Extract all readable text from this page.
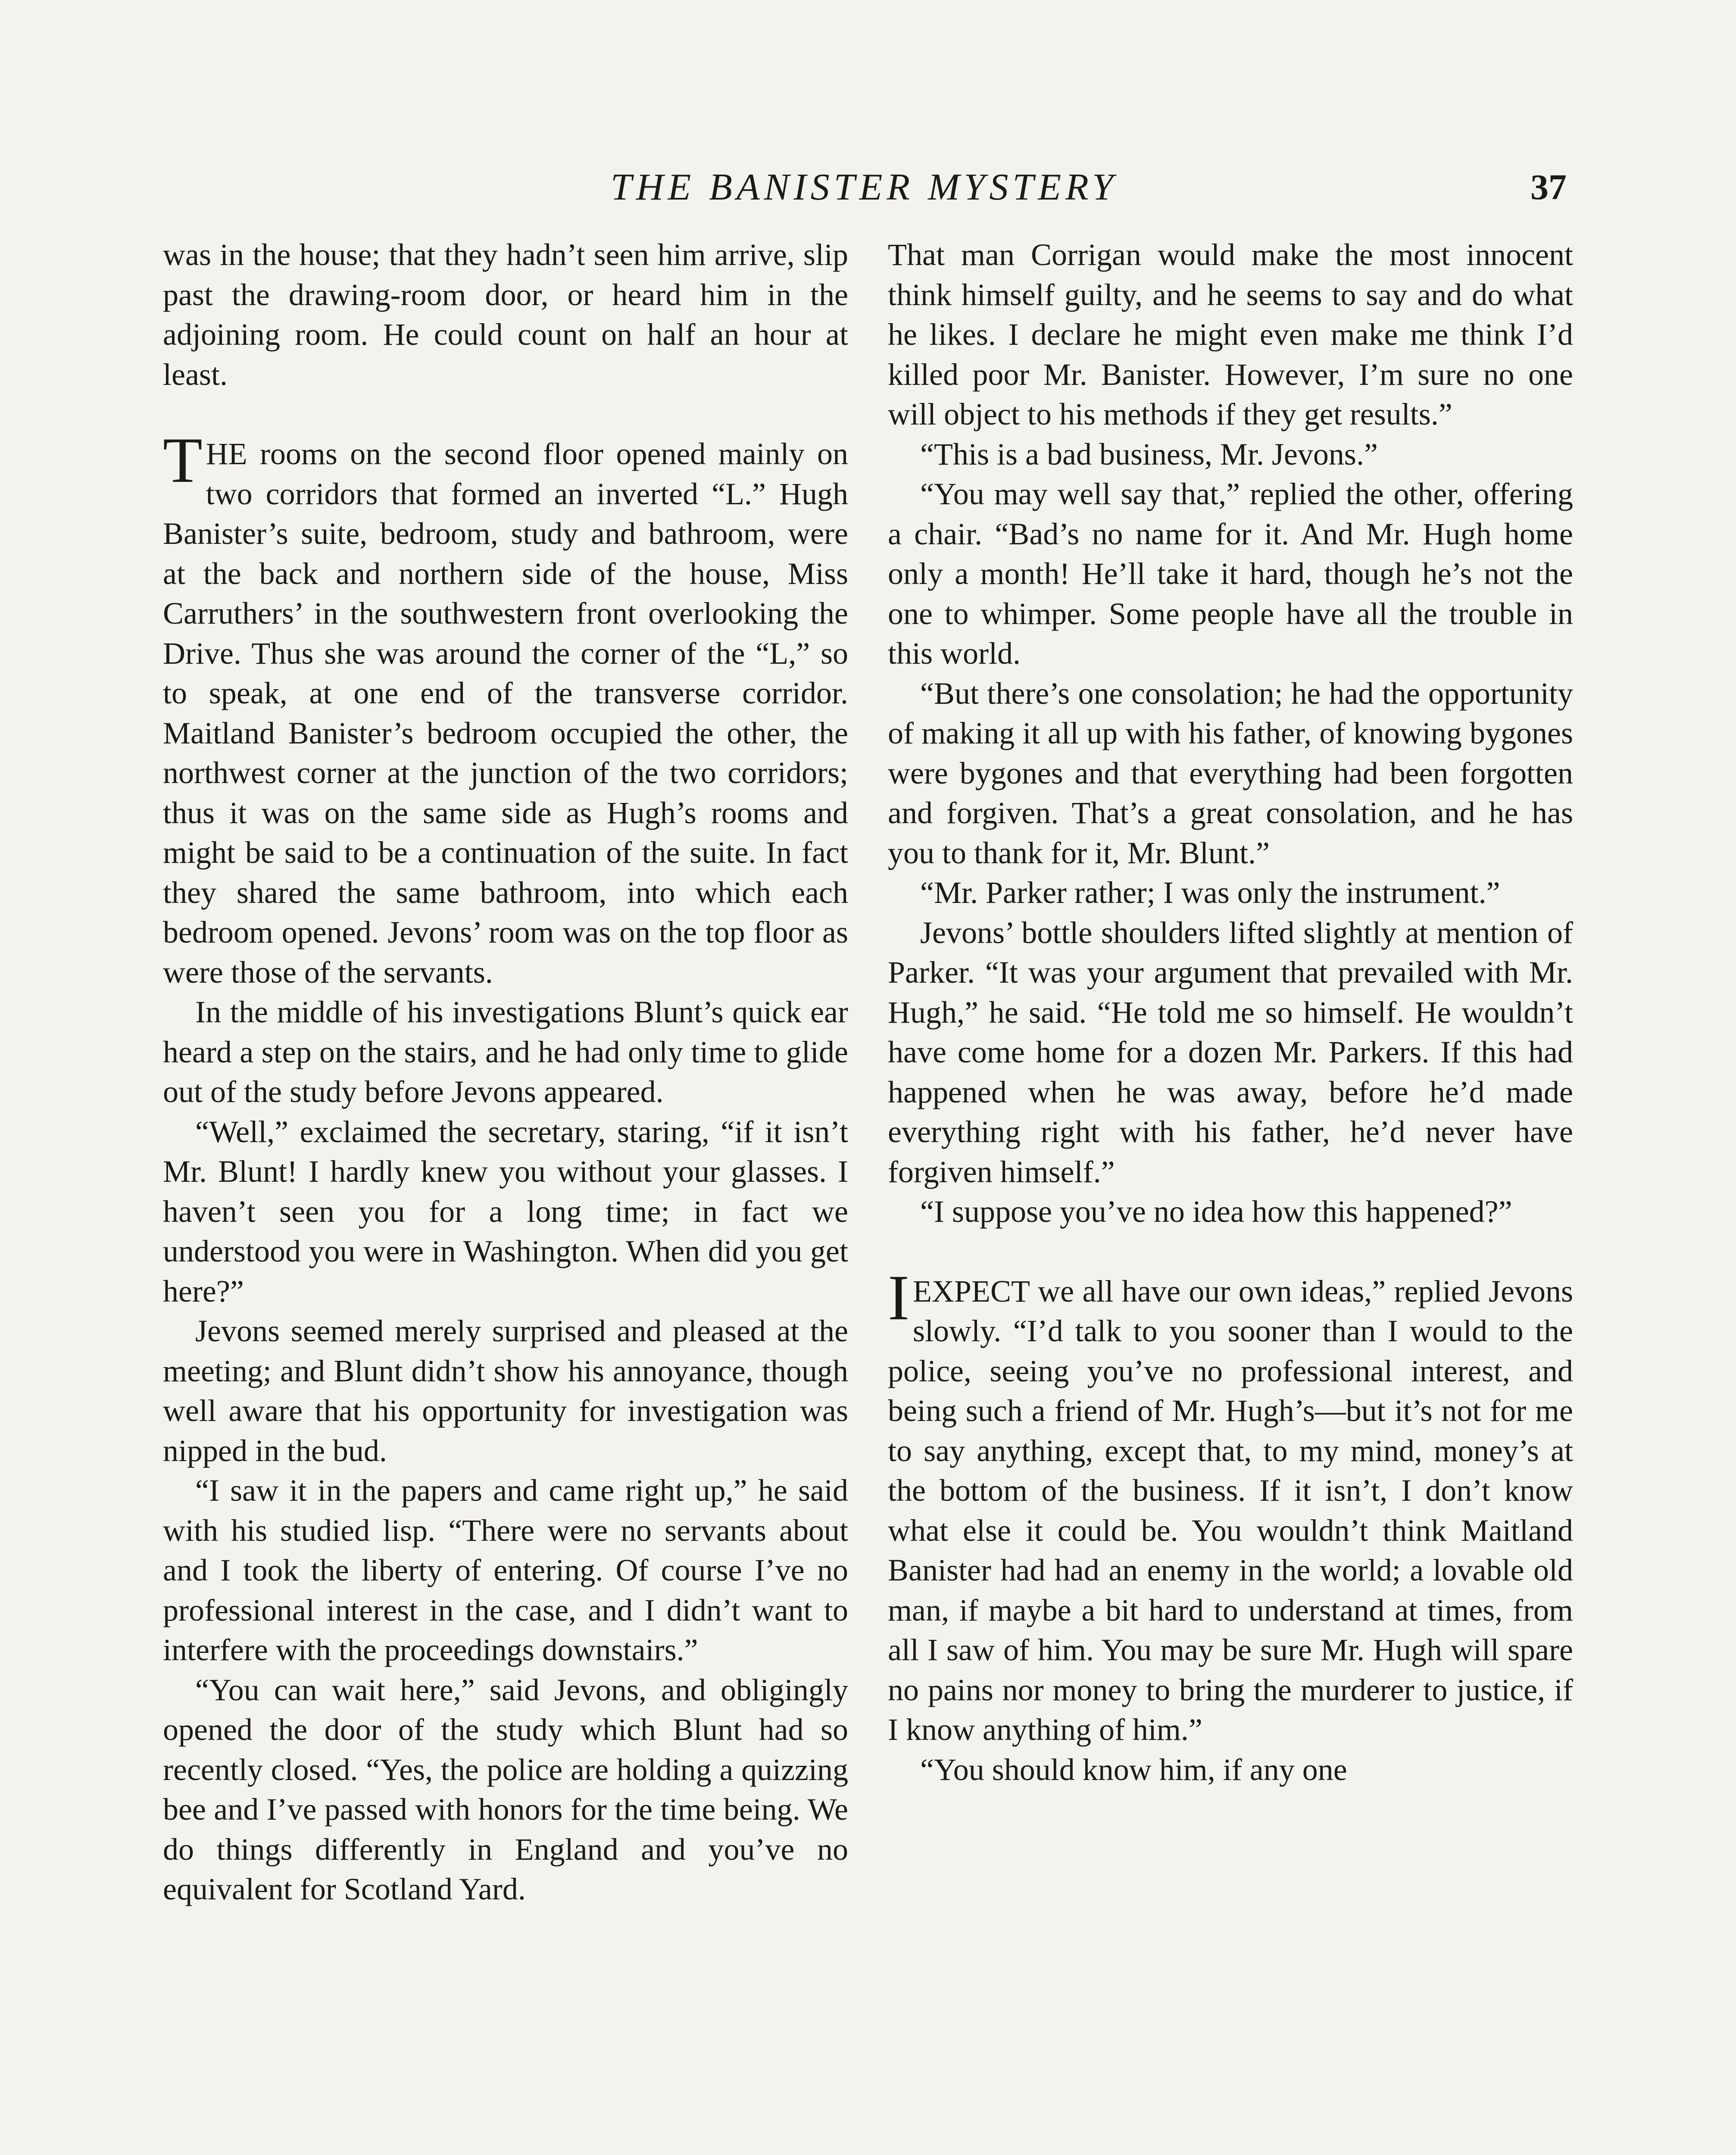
THE BANISTER MYSTERY	37

was in the house; that they hadn’t seen him arrive, slip past the drawing-room door, or heard him in the adjoining room. He could count on half an hour at least.

THE rooms on the second floor opened mainly on two corridors that formed an inverted “L.” Hugh Banister’s suite, bedroom, study and bathroom, were at the back and northern side of the house, Miss Carruthers’ in the southwestern front overlooking the Drive. Thus she was around the corner of the “L,” so to speak, at one end of the transverse corridor. Maitland Banister’s bedroom occupied the other, the northwest corner at the junction of the two corridors; thus it was on the same side as Hugh’s rooms and might be said to be a continuation of the suite. In fact they shared the same bathroom, into which each bedroom opened. Jevons’ room was on the top floor as were those of the servants.

In the middle of his investigations Blunt’s quick ear heard a step on the stairs, and he had only time to glide out of the study before Jevons appeared.

“Well,” exclaimed the secretary, staring, “if it isn’t Mr. Blunt! I hardly knew you without your glasses. I haven’t seen you for a long time; in fact we understood you were in Washington. When did you get here?”

Jevons seemed merely surprised and pleased at the meeting; and Blunt didn’t show his annoyance, though well aware that his opportunity for investigation was nipped in the bud.

“I saw it in the papers and came right up,” he said with his studied lisp. “There were no servants about and I took the liberty of entering. Of course I’ve no professional interest in the case, and I didn’t want to interfere with the proceedings downstairs.”

“You can wait here,” said Jevons, and obligingly opened the door of the study which Blunt had so recently closed. “Yes, the police are holding a quizzing bee and I’ve passed with honors for the time being. We do things differently in England and you’ve no equivalent for Scotland Yard.

That man Corrigan would make the most innocent think himself guilty, and he seems to say and do what he likes. I declare he might even make me think I’d killed poor Mr. Banister. However, I’m sure no one will object to his methods if they get results.”

“This is a bad business, Mr. Jevons.”

“You may well say that,” replied the other, offering a chair. “Bad’s no name for it. And Mr. Hugh home only a month! He’ll take it hard, though he’s not the one to whimper. Some people have all the trouble in this world.

“But there’s one consolation; he had the opportunity of making it all up with his father, of knowing bygones were bygones and that everything had been forgotten and forgiven. That’s a great consolation, and he has you to thank for it, Mr. Blunt.”

“Mr. Parker rather; I was only the instrument.”

Jevons’ bottle shoulders lifted slightly at mention of Parker. “It was your argument that prevailed with Mr. Hugh,” he said. “He told me so himself. He wouldn’t have come home for a dozen Mr. Parkers. If this had happened when he was away, before he’d made everything right with his father, he’d never have forgiven himself.”

“I suppose you’ve no idea how this happened?”

I EXPECT we all have our own ideas,” replied Jevons slowly. “I’d talk to you sooner than I would to the police, seeing you’ve no professional interest, and being such a friend of Mr. Hugh’s—but it’s not for me to say anything, except that, to my mind, money’s at the bottom of the business. If it isn’t, I don’t know what else it could be. You wouldn’t think Maitland Banister had had an enemy in the world; a lovable old man, if maybe a bit hard to understand at times, from all I saw of him. You may be sure Mr. Hugh will spare no pains nor money to bring the murderer to justice, if I know anything of him.”

“You should know him, if any one
